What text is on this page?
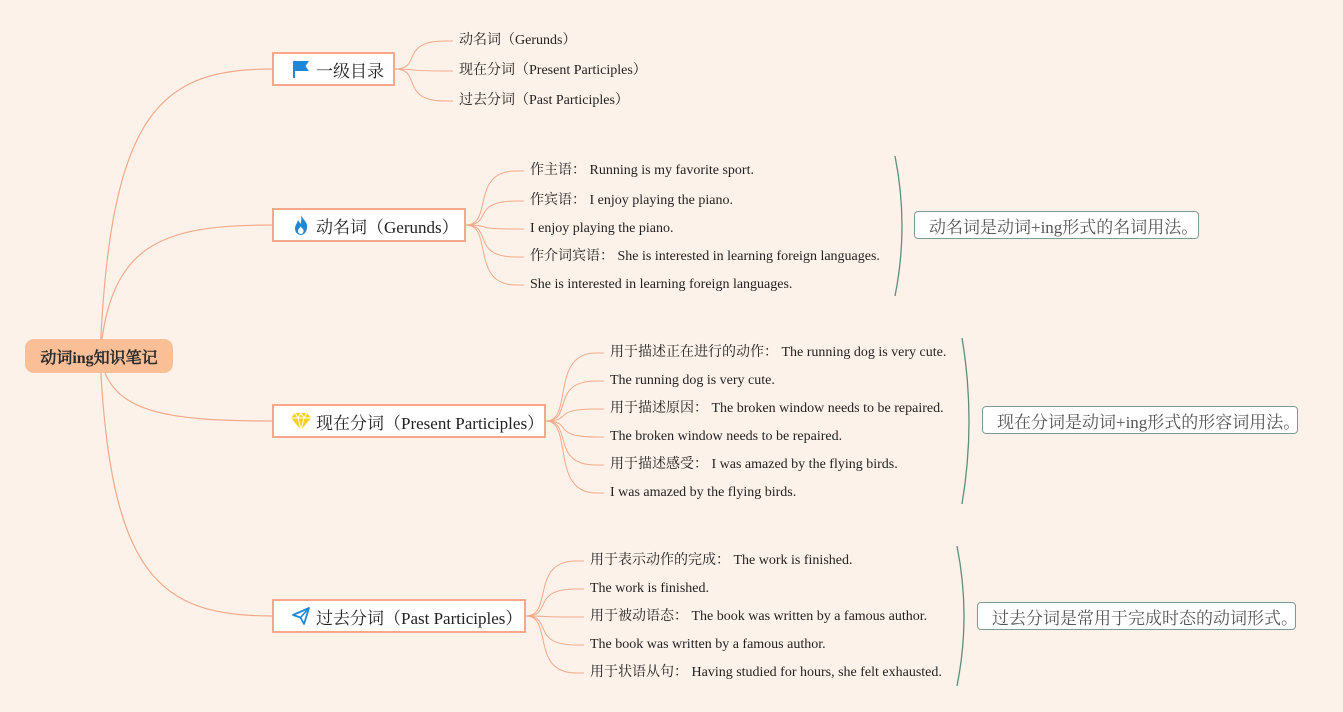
动词ing知识笔记
一级目录
动名词（Gerunds）
现在分词（Present Participles）
过去分词（Past Participles）
动名词（Gerunds）
作主语： Running is my favorite sport.
作宾语： I enjoy playing the piano.
I enjoy playing the piano.
作介词宾语： She is interested in learning foreign languages.
She is interested in learning foreign languages.
动名词是动词+ing形式的名词用法。
现在分词（Present Participles）
用于描述正在进行的动作： The running dog is very cute.
The running dog is very cute.
用于描述原因： The broken window needs to be repaired.
The broken window needs to be repaired.
用于描述感受： I was amazed by the flying birds.
I was amazed by the flying birds.
现在分词是动词+ing形式的形容词用法。
过去分词（Past Participles）
用于表示动作的完成： The work is finished.
The work is finished.
用于被动语态： The book was written by a famous author.
The book was written by a famous author.
用于状语从句： Having studied for hours, she felt exhausted.
过去分词是常用于完成时态的动词形式。
